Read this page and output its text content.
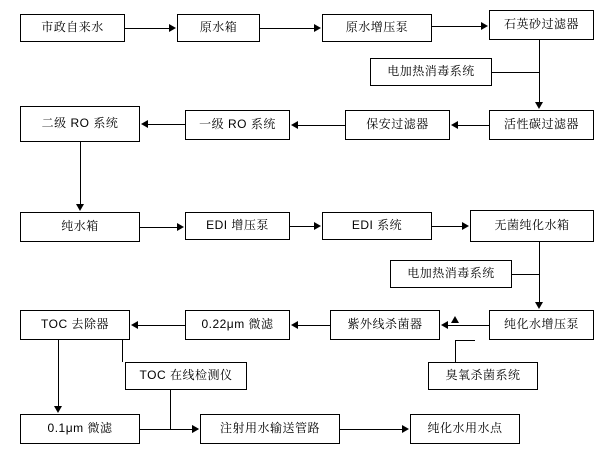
市政自来水	原水箱	原水增压泵	石英砂过滤器
电加热消毒系统
活性碳过滤器
保安过滤器
一级 RO 系统
二级 RO 系统
纯水箱	EDI 增压泵	EDI 系统	无菌纯化水箱
电加热消毒系统
纯化水增压泵
紫外线杀菌器
0.22μm 微滤
TOC 去除器
臭氧杀菌系统
TOC 在线检测仪
0.1μm 微滤	注射用水输送管路	纯化水用水点
